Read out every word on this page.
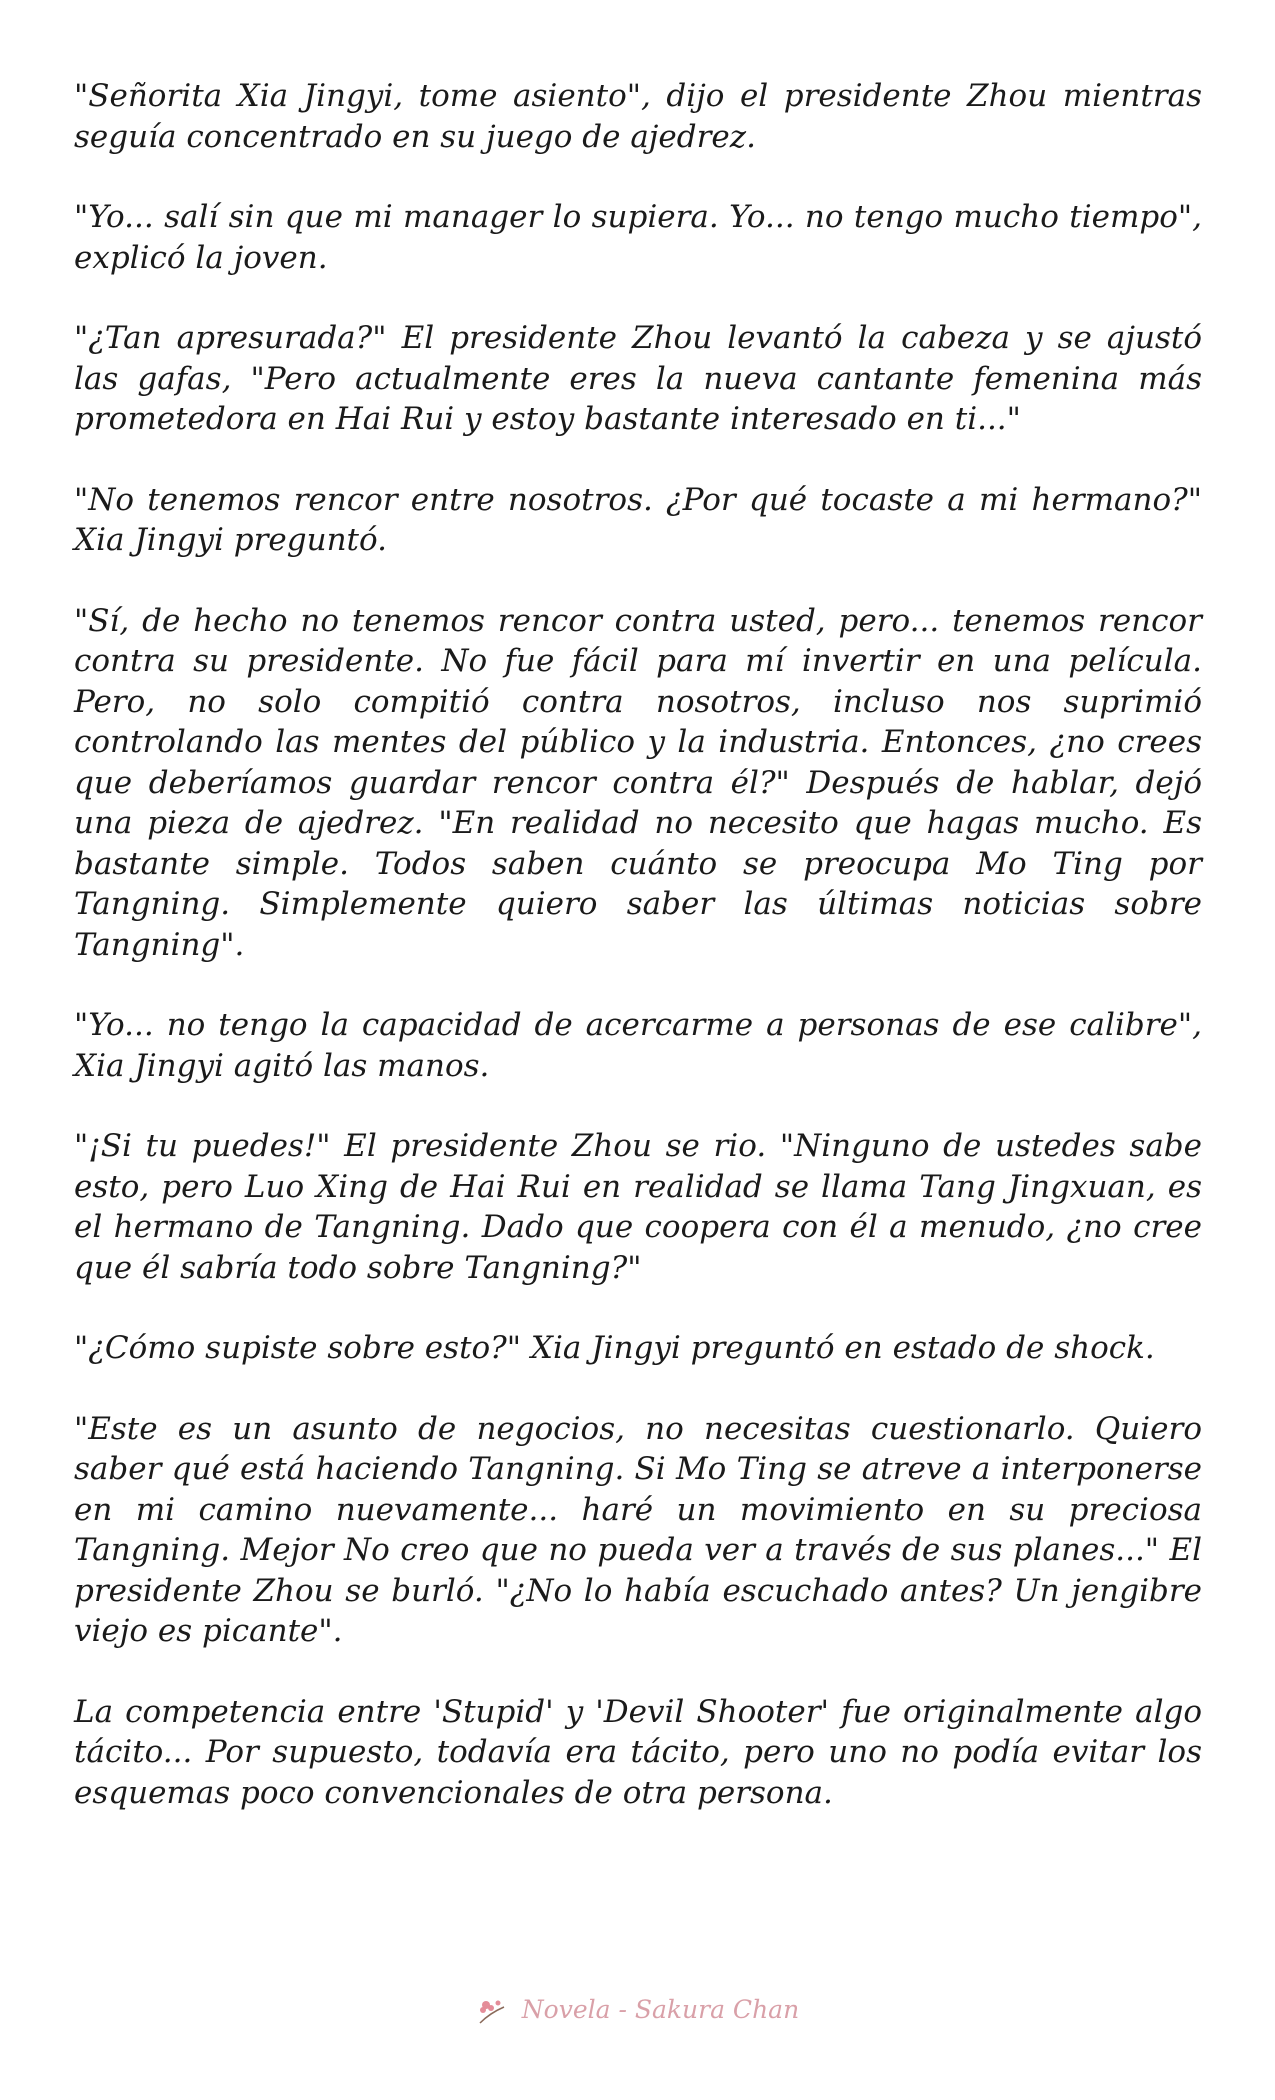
"Señorita Xia Jingyi, tome asiento", dijo el presidente Zhou mientras seguía concentrado en su juego de ajedrez.

"Yo... salí sin que mi manager lo supiera. Yo... no tengo mucho tiempo", explicó la joven.

"¿Tan apresurada?" El presidente Zhou levantó la cabeza y se ajustó las gafas, "Pero actualmente eres la nueva cantante femenina más prometedora en Hai Rui y estoy bastante interesado en ti..."

"No tenemos rencor entre nosotros. ¿Por qué tocaste a mi hermano?" Xia Jingyi preguntó.

"Sí, de hecho no tenemos rencor contra usted, pero... tenemos rencor contra su presidente. No fue fácil para mí invertir en una película. Pero, no solo compitió contra nosotros, incluso nos suprimió controlando las mentes del público y la industria. Entonces, ¿no crees que deberíamos guardar rencor contra él?" Después de hablar, dejó una pieza de ajedrez. "En realidad no necesito que hagas mucho. Es bastante simple. Todos saben cuánto se preocupa Mo Ting por Tangning. Simplemente quiero saber las últimas noticias sobre Tangning".

"Yo... no tengo la capacidad de acercarme a personas de ese calibre", Xia Jingyi agitó las manos.

"¡Si tu puedes!" El presidente Zhou se rio. "Ninguno de ustedes sabe esto, pero Luo Xing de Hai Rui en realidad se llama Tang Jingxuan, es el hermano de Tangning. Dado que coopera con él a menudo, ¿no cree que él sabría todo sobre Tangning?"

"¿Cómo supiste sobre esto?" Xia Jingyi preguntó en estado de shock.

"Este es un asunto de negocios, no necesitas cuestionarlo. Quiero saber qué está haciendo Tangning. Si Mo Ting se atreve a interponerse en mi camino nuevamente... haré un movimiento en su preciosa Tangning. Mejor No creo que no pueda ver a través de sus planes..." El presidente Zhou se burló. "¿No lo había escuchado antes? Un jengibre viejo es picante".

La competencia entre 'Stupid' y 'Devil Shooter' fue originalmente algo tácito... Por supuesto, todavía era tácito, pero uno no podía evitar los esquemas poco convencionales de otra persona.

Novela - Sakura Chan
